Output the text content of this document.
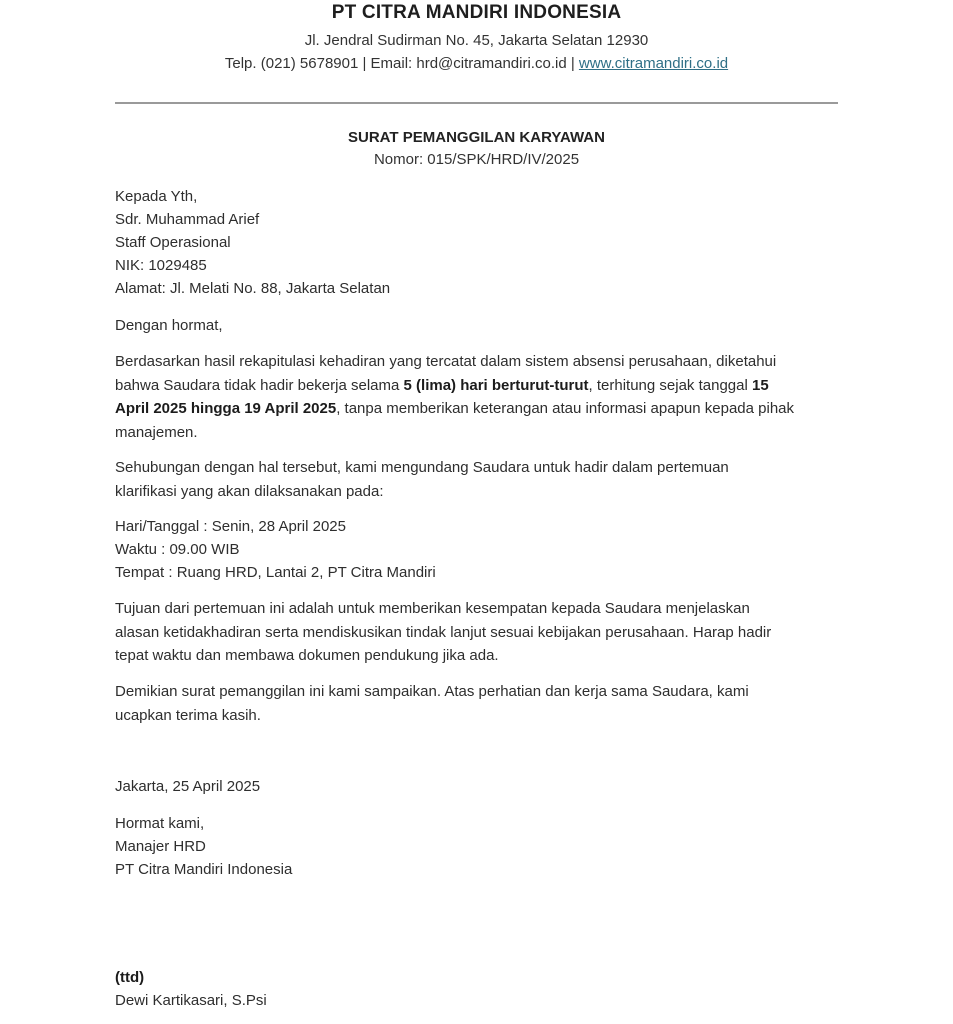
PT CITRA MANDIRI INDONESIA
Jl. Jendral Sudirman No. 45, Jakarta Selatan 12930
Telp. (021) 5678901 | Email: hrd@citramandiri.co.id | www.citramandiri.co.id
SURAT PEMANGGILAN KARYAWAN
Nomor: 015/SPK/HRD/IV/2025
Kepada Yth,
Sdr. Muhammad Arief
Staff Operasional
NIK: 1029485
Alamat: Jl. Melati No. 88, Jakarta Selatan
Dengan hormat,
Berdasarkan hasil rekapitulasi kehadiran yang tercatat dalam sistem absensi perusahaan, diketahui
bahwa Saudara tidak hadir bekerja selama 5 (lima) hari berturut-turut, terhitung sejak tanggal 15
April 2025 hingga 19 April 2025, tanpa memberikan keterangan atau informasi apapun kepada pihak
manajemen.
Sehubungan dengan hal tersebut, kami mengundang Saudara untuk hadir dalam pertemuan
klarifikasi yang akan dilaksanakan pada:
Hari/Tanggal : Senin, 28 April 2025
Waktu : 09.00 WIB
Tempat : Ruang HRD, Lantai 2, PT Citra Mandiri
Tujuan dari pertemuan ini adalah untuk memberikan kesempatan kepada Saudara menjelaskan
alasan ketidakhadiran serta mendiskusikan tindak lanjut sesuai kebijakan perusahaan. Harap hadir
tepat waktu dan membawa dokumen pendukung jika ada.
Demikian surat pemanggilan ini kami sampaikan. Atas perhatian dan kerja sama Saudara, kami
ucapkan terima kasih.
Jakarta, 25 April 2025
Hormat kami,
Manajer HRD
PT Citra Mandiri Indonesia
(ttd)
Dewi Kartikasari, S.Psi
